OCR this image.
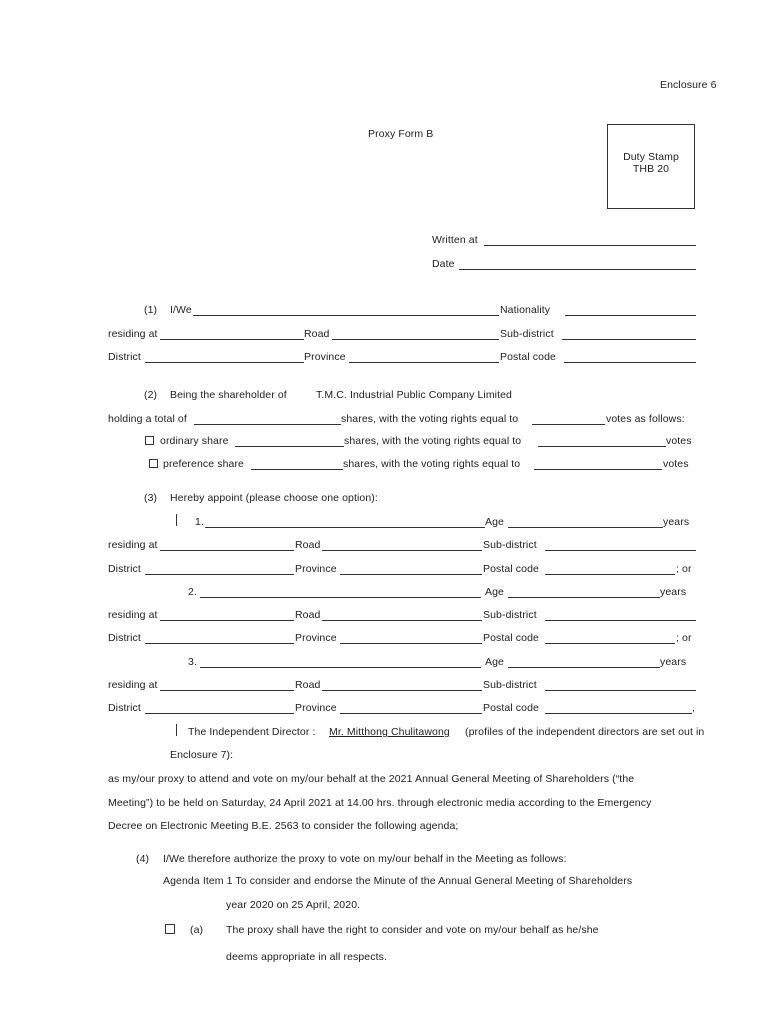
Enclosure 6
Proxy Form B
Duty Stamp
THB 20
Written at
Date
(1) I/We	Nationality
residing at	Road	Sub-district
District	Province	Postal code
(2) Being the shareholder of	T.M.C. Industrial Public Company Limited
holding a total of	shares, with the voting rights equal to	votes as follows:
ordinary share	shares, with the voting rights equal to	votes
preference share	shares, with the voting rights equal to	votes
(3) Hereby appoint (please choose one option):
1.	Age	years
residing at	Road	Sub-district
District	Province	Postal code	; or
2.	Age	years
residing at	Road	Sub-district
District	Province	Postal code	; or
3.	Age	years
residing at	Road	Sub-district
District	Province	Postal code	,
The Independent Director : Mr. Mitthong Chulitawong (profiles of the independent directors are set out in
Enclosure 7):
as my/our proxy to attend and vote on my/our behalf at the 2021 Annual General Meeting of Shareholders (“the
Meeting”) to be held on Saturday, 24 April 2021 at 14.00 hrs. through electronic media according to the Emergency
Decree on Electronic Meeting B.E. 2563 to consider the following agenda;
(4) I/We therefore authorize the proxy to vote on my/our behalf in the Meeting as follows:
Agenda Item 1 To consider and endorse the Minute of the Annual General Meeting of Shareholders
year 2020 on 25 April, 2020.
(a) The proxy shall have the right to consider and vote on my/our behalf as he/she
deems appropriate in all respects.
